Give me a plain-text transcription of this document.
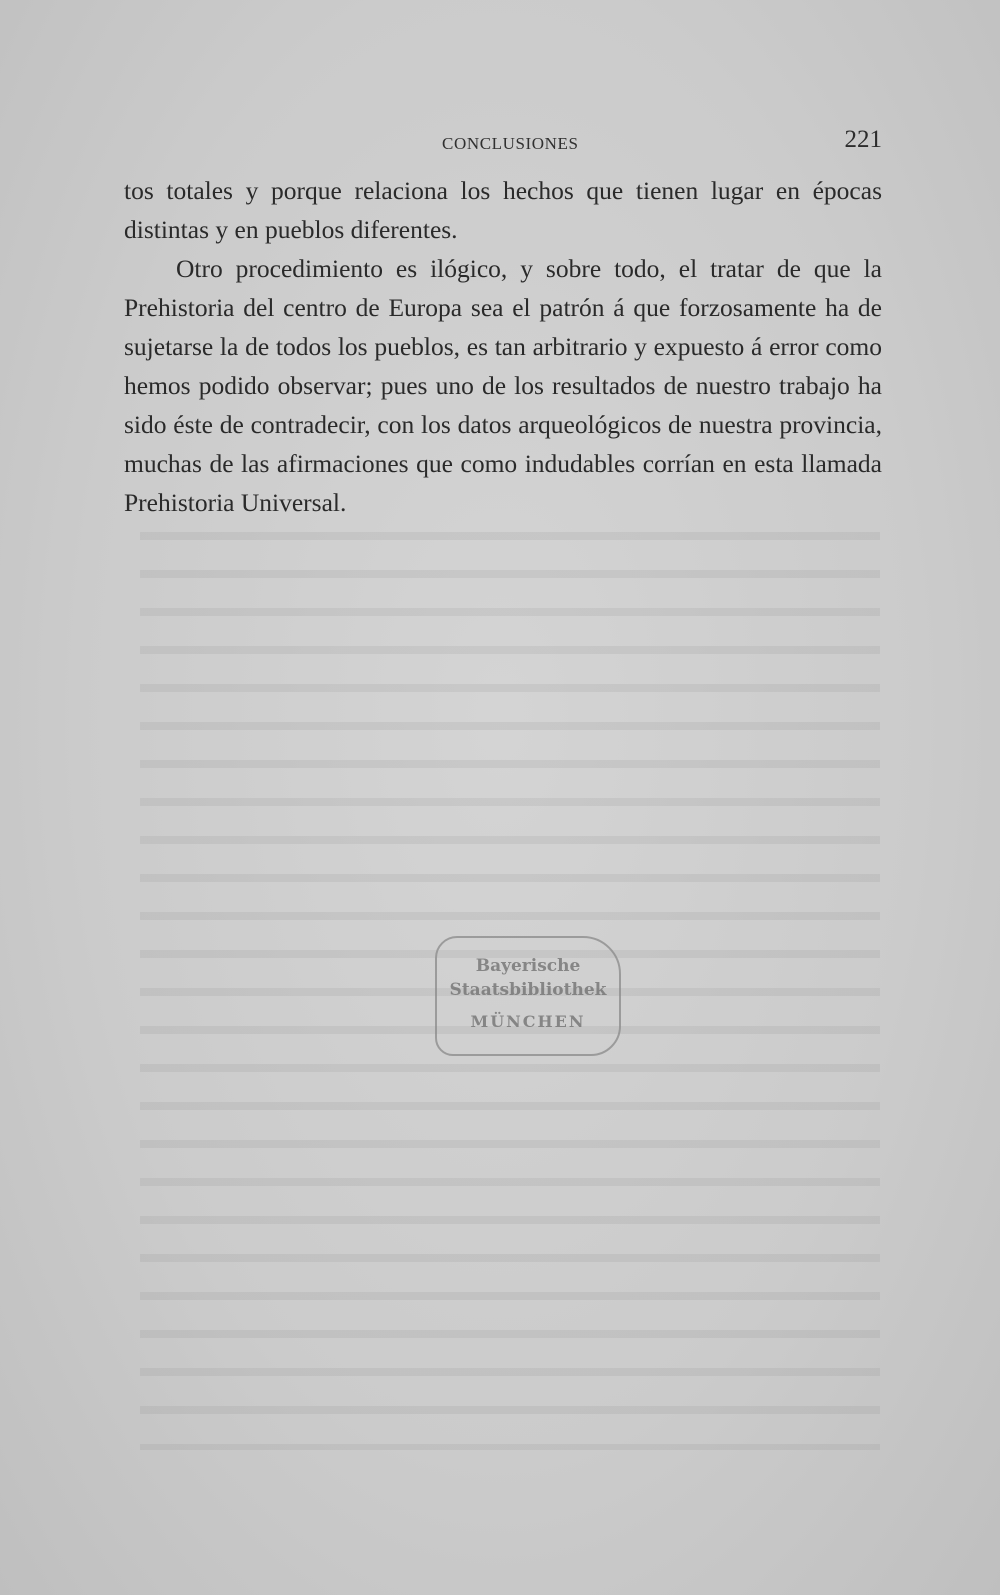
CONCLUSIONES	221

tos totales y porque relaciona los hechos que tienen lugar en épocas distintas y en pueblos diferentes.

Otro procedimiento es ilógico, y sobre todo, el tratar de que la Prehistoria del centro de Europa sea el patrón á que forzosamente ha de sujetarse la de todos los pueblos, es tan arbitrario y expuesto á error como hemos podido observar; pues uno de los resultados de nuestro trabajo ha sido éste de contradecir, con los datos arqueológicos de nuestra provincia, muchas de las afirmaciones que como indudables corrían en esta llamada Prehistoria Universal.

Bayerische
Staatsbibliothek
MÜNCHEN
